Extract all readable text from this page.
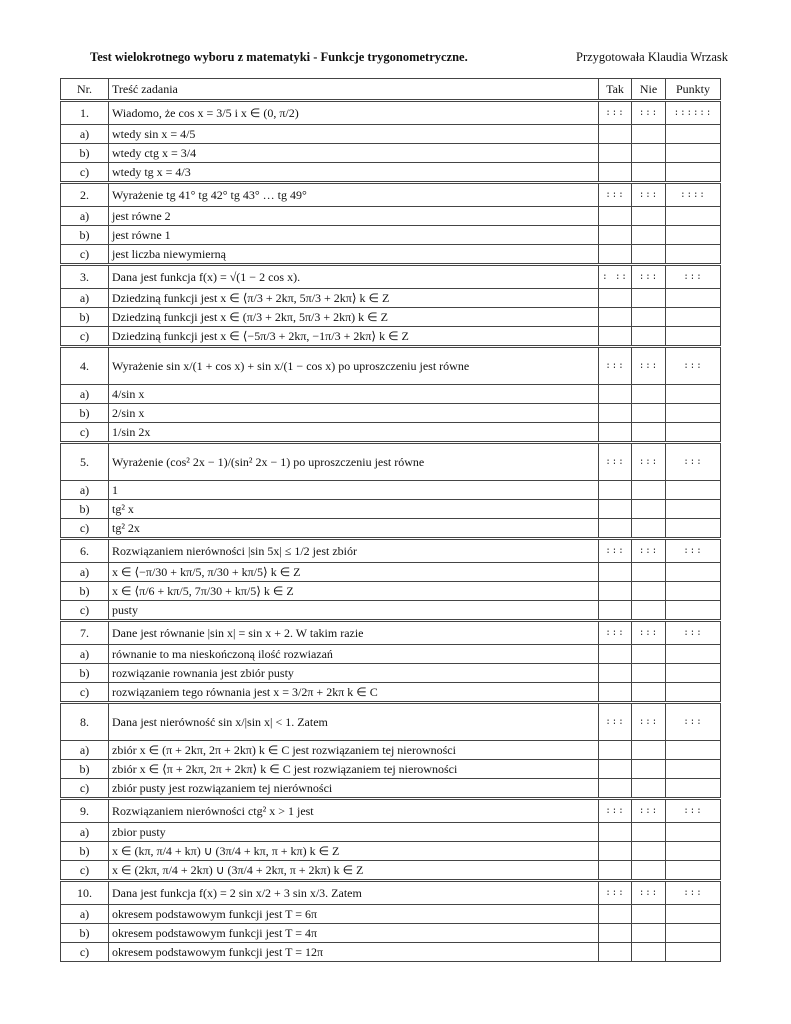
Test wielokrotnego wyboru z matematyki - Funkcje trygonometryczne.	Przygotowała Klaudia Wrzask
Nr.	Treść zadania	Tak	Nie	Punkty
1.	Wiadomo, że cos x = 3/5 i x ∈ (0, π/2)	:::	:::	::::::
a)	wtedy sin x = 4/5			
b)	wtedy ctg x = 3/4			
c)	wtedy tg x = 4/3			
2.	Wyrażenie tg 41° tg 42° tg 43° … tg 49°	:::	:::	::::
a)	jest równe 2			
b)	jest równe 1			
c)	jest liczba niewymierną			
3.	Dana jest funkcja f(x) = √(1 − 2 cos x).	: ::	:::	:::
a)	Dziedziną funkcji jest x ∈ ⟨π/3 + 2kπ, 5π/3 + 2kπ⟩ k ∈ Z			
b)	Dziedziną funkcji jest x ∈ (π/3 + 2kπ, 5π/3 + 2kπ) k ∈ Z			
c)	Dziedziną funkcji jest x ∈ ⟨−5π/3 + 2kπ, −1π/3 + 2kπ⟩ k ∈ Z			
4.	Wyrażenie sin x/(1 + cos x) + sin x/(1 − cos x) po uproszczeniu jest równe	:::	:::	:::
a)	4/sin x			
b)	2/sin x			
c)	1/sin 2x			
5.	Wyrażenie (cos² 2x − 1)/(sin² 2x − 1) po uproszczeniu jest równe	:::	:::	:::
a)	1			
b)	tg² x			
c)	tg² 2x			
6.	Rozwiązaniem nierówności |sin 5x| ≤ 1/2 jest zbiór	:::	:::	:::
a)	x ∈ ⟨−π/30 + kπ/5, π/30 + kπ/5⟩ k ∈ Z			
b)	x ∈ ⟨π/6 + kπ/5, 7π/30 + kπ/5⟩ k ∈ Z			
c)	pusty			
7.	Dane jest równanie |sin x| = sin x + 2. W takim razie	:::	:::	:::
a)	równanie to ma nieskończoną ilość rozwiazań			
b)	rozwiązanie rownania jest zbiór pusty			
c)	rozwiązaniem tego równania jest x = 3/2π + 2kπ k ∈ C			
8.	Dana jest nierówność sin x/|sin x| < 1. Zatem	:::	:::	:::
a)	zbiór x ∈ (π + 2kπ, 2π + 2kπ) k ∈ C jest rozwiązaniem tej nierowności			
b)	zbiór x ∈ ⟨π + 2kπ, 2π + 2kπ⟩ k ∈ C jest rozwiązaniem tej nierowności			
c)	zbiór pusty jest rozwiązaniem tej nierówności			
9.	Rozwiązaniem nierówności ctg² x > 1 jest	:::	:::	:::
a)	zbior pusty			
b)	x ∈ (kπ, π/4 + kπ) ∪ (3π/4 + kπ, π + kπ) k ∈ Z			
c)	x ∈ (2kπ, π/4 + 2kπ) ∪ (3π/4 + 2kπ, π + 2kπ) k ∈ Z			
10.	Dana jest funkcja f(x) = 2 sin x/2 + 3 sin x/3. Zatem	:::	:::	:::
a)	okresem podstawowym funkcji jest T = 6π			
b)	okresem podstawowym funkcji jest T = 4π			
c)	okresem podstawowym funkcji jest T = 12π			
